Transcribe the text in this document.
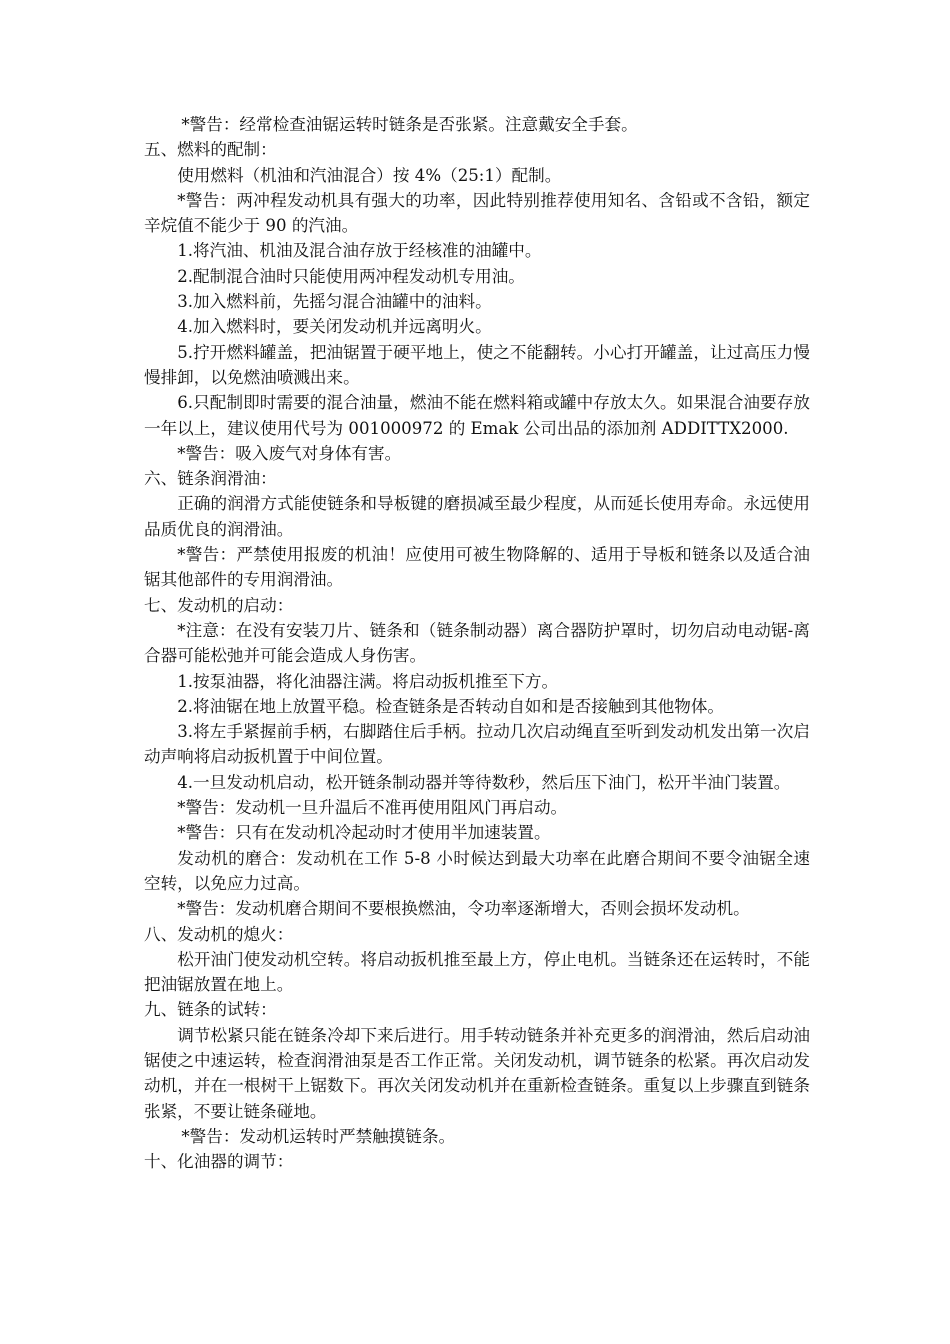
*警告：经常检查油锯运转时链条是否张紧。注意戴安全手套。

五、燃料的配制：

使用燃料（机油和汽油混合）按 4%（25:1）配制。

*警告：两冲程发动机具有强大的功率，因此特别推荐使用知名、含铅或不含铅，额定辛烷值不能少于 90 的汽油。

1.将汽油、机油及混合油存放于经核准的油罐中。

2.配制混合油时只能使用两冲程发动机专用油。

3.加入燃料前，先摇匀混合油罐中的油料。

4.加入燃料时，要关闭发动机并远离明火。

5.拧开燃料罐盖，把油锯置于硬平地上，使之不能翻转。小心打开罐盖，让过高压力慢慢排卸，以免燃油喷溅出来。

6.只配制即时需要的混合油量，燃油不能在燃料箱或罐中存放太久。如果混合油要存放一年以上，建议使用代号为 001000972 的 Emak 公司出品的添加剂 ADDITTX2000.

*警告：吸入废气对身体有害。

六、链条润滑油：

正确的润滑方式能使链条和导板键的磨损减至最少程度，从而延长使用寿命。永远使用品质优良的润滑油。

*警告：严禁使用报废的机油！应使用可被生物降解的、适用于导板和链条以及适合油锯其他部件的专用润滑油。

七、发动机的启动：

*注意：在没有安装刀片、链条和（链条制动器）离合器防护罩时，切勿启动电动锯-离合器可能松弛并可能会造成人身伤害。

1.按泵油器，将化油器注满。将启动扳机推至下方。

2.将油锯在地上放置平稳。检查链条是否转动自如和是否接触到其他物体。

3.将左手紧握前手柄，右脚踏住后手柄。拉动几次启动绳直至听到发动机发出第一次启动声响将启动扳机置于中间位置。

4.一旦发动机启动，松开链条制动器并等待数秒，然后压下油门，松开半油门装置。

*警告：发动机一旦升温后不准再使用阻风门再启动。

*警告：只有在发动机冷起动时才使用半加速装置。

发动机的磨合：发动机在工作 5-8 小时候达到最大功率在此磨合期间不要令油锯全速空转，以免应力过高。

*警告：发动机磨合期间不要根换燃油，令功率逐渐增大，否则会损坏发动机。

八、发动机的熄火：

松开油门使发动机空转。将启动扳机推至最上方，停止电机。当链条还在运转时，不能把油锯放置在地上。

九、链条的试转：

调节松紧只能在链条冷却下来后进行。用手转动链条并补充更多的润滑油，然后启动油锯使之中速运转，检查润滑油泵是否工作正常。关闭发动机，调节链条的松紧。再次启动发动机，并在一根树干上锯数下。再次关闭发动机并在重新检查链条。重复以上步骤直到链条张紧，不要让链条碰地。

*警告：发动机运转时严禁触摸链条。

十、化油器的调节：
